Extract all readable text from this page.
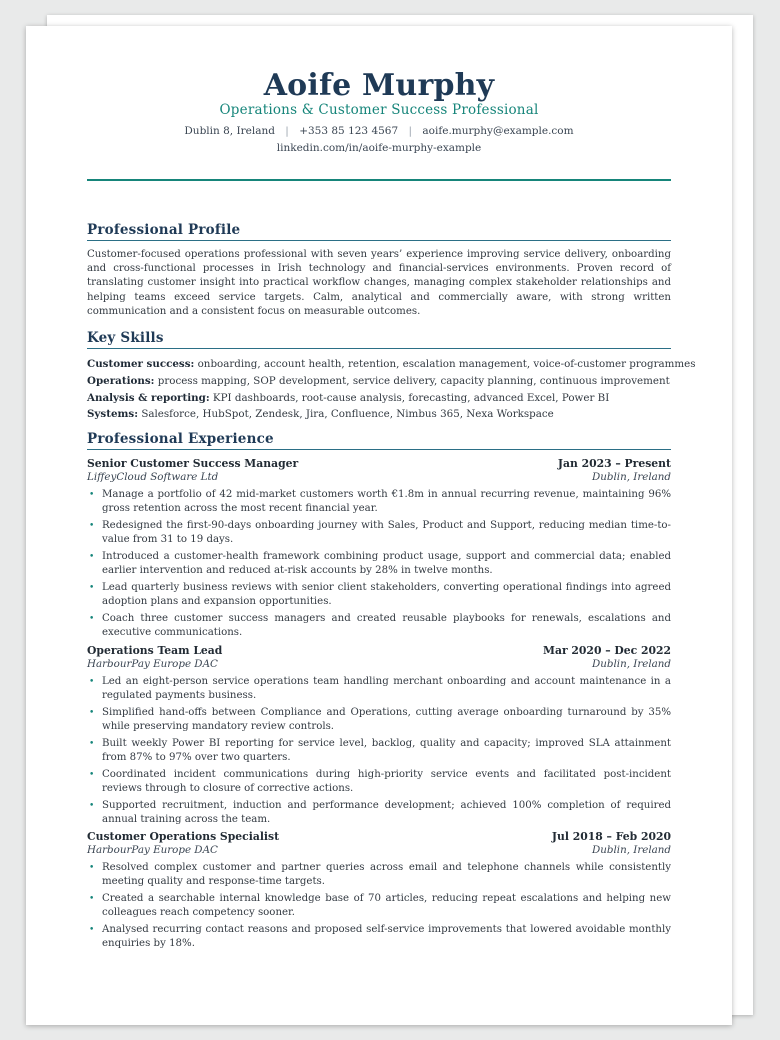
Aoife Murphy
Operations & Customer Success Professional
Dublin 8, Ireland | +353 85 123 4567 | aoife.murphy@example.com
linkedin.com/in/aoife-murphy-example
Professional Profile
Customer-focused operations professional with seven years’ experience improving service delivery, onboarding and cross-functional processes in Irish technology and financial-services environments. Proven record of translating customer insight into practical workflow changes, managing complex stakeholder relationships and helping teams exceed service targets. Calm, analytical and commercially aware, with strong written communication and a consistent focus on measurable outcomes.
Key Skills
Customer success: onboarding, account health, retention, escalation management, voice-of-customer programmes
Operations: process mapping, SOP development, service delivery, capacity planning, continuous improvement
Analysis & reporting: KPI dashboards, root-cause analysis, forecasting, advanced Excel, Power BI
Systems: Salesforce, HubSpot, Zendesk, Jira, Confluence, Nimbus 365, Nexa Workspace
Professional Experience
Senior Customer Success Manager	Jan 2023 – Present
LiffeyCloud Software Ltd	Dublin, Ireland
• Manage a portfolio of 42 mid-market customers worth €1.8m in annual recurring revenue, maintaining 96% gross retention across the most recent financial year.
• Redesigned the first-90-days onboarding journey with Sales, Product and Support, reducing median time-to-value from 31 to 19 days.
• Introduced a customer-health framework combining product usage, support and commercial data; enabled earlier intervention and reduced at-risk accounts by 28% in twelve months.
• Lead quarterly business reviews with senior client stakeholders, converting operational findings into agreed adoption plans and expansion opportunities.
• Coach three customer success managers and created reusable playbooks for renewals, escalations and executive communications.
Operations Team Lead	Mar 2020 – Dec 2022
HarbourPay Europe DAC	Dublin, Ireland
• Led an eight-person service operations team handling merchant onboarding and account maintenance in a regulated payments business.
• Simplified hand-offs between Compliance and Operations, cutting average onboarding turnaround by 35% while preserving mandatory review controls.
• Built weekly Power BI reporting for service level, backlog, quality and capacity; improved SLA attainment from 87% to 97% over two quarters.
• Coordinated incident communications during high-priority service events and facilitated post-incident reviews through to closure of corrective actions.
• Supported recruitment, induction and performance development; achieved 100% completion of required annual training across the team.
Customer Operations Specialist	Jul 2018 – Feb 2020
HarbourPay Europe DAC	Dublin, Ireland
• Resolved complex customer and partner queries across email and telephone channels while consistently meeting quality and response-time targets.
• Created a searchable internal knowledge base of 70 articles, reducing repeat escalations and helping new colleagues reach competency sooner.
• Analysed recurring contact reasons and proposed self-service improvements that lowered avoidable monthly enquiries by 18%.
